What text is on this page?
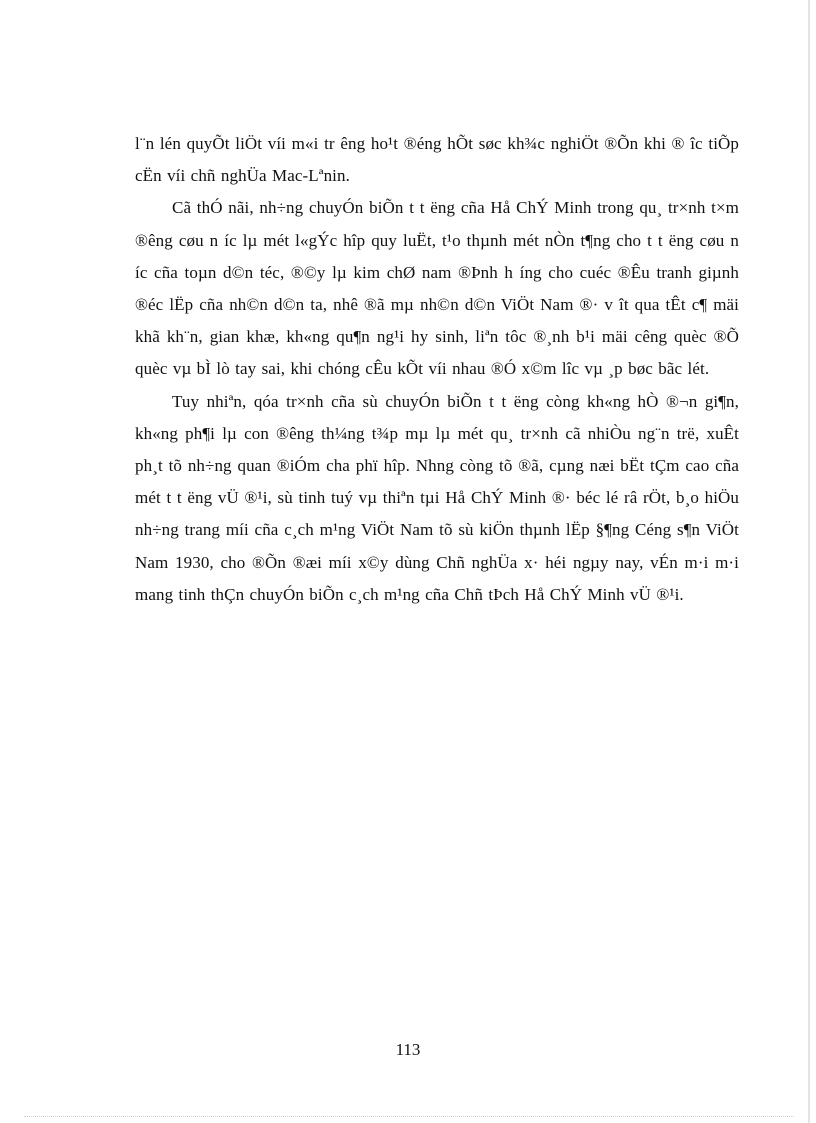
l¨n lén quyÕt liÖt víi m«i tr êng ho¹t ®éng hÕt søc kh¾c nghiÖt ®Õn khi ® îc tiÕp cËn víi chñ nghÜa Mac-Lªnin.

Cã thÓ nãi, nh÷ng chuyÓn biÕn t t ëng cña Hå ChÝ Minh trong qu¸ tr×nh t×m ®êng cøu n íc lµ mét l«gÝc hîp quy luËt, t¹o thµnh mét nÒn t¶ng cho t t ëng cøu n íc cña toµn d©n téc, ®©y lµ kim chØ nam ®Þnh h íng cho cuéc ®Êu tranh giµnh ®éc lËp cña nh©n d©n ta, nhê ®ã mµ nh©n d©n ViÖt Nam ®· v ît qua tÊt c¶ mäi khã kh¨n, gian khæ, kh«ng qu¶n ng¹i hy sinh, liªn tôc ®¸nh b¹i mäi cêng quèc ®Õ quèc vµ bÌ lò tay sai, khi chóng cÊu kÕt víi nhau ®Ó x©m lîc vµ ¸p bøc bãc lét.

Tuy nhiªn, qóa tr×nh cña sù chuyÓn biÕn t t ëng còng kh«ng hÒ ®¬n gi¶n, kh«ng ph¶i lµ con ®êng th¼ng t¾p mµ lµ mét qu¸ tr×nh cã nhiÒu ng¨n trë, xuÊt ph¸t tõ nh÷ng quan ®iÓm cha phï hîp. Nhng còng tõ ®ã, cµng næi bËt tÇm cao cña mét t t ëng vÜ ®¹i, sù tinh tuý vµ thiªn tµi Hå ChÝ Minh ®· béc lé râ rÖt, b¸o hiÖu nh÷ng trang míi cña c¸ch m¹ng ViÖt Nam tõ sù kiÖn thµnh lËp §¶ng Céng s¶n ViÖt Nam 1930, cho ®Õn ®æi míi x©y dùng Chñ nghÜa x· héi ngµy nay, vÉn m·i m·i mang tinh thÇn chuyÓn biÕn c¸ch m¹ng cña Chñ tÞch Hå ChÝ Minh vÜ ®¹i.

113
